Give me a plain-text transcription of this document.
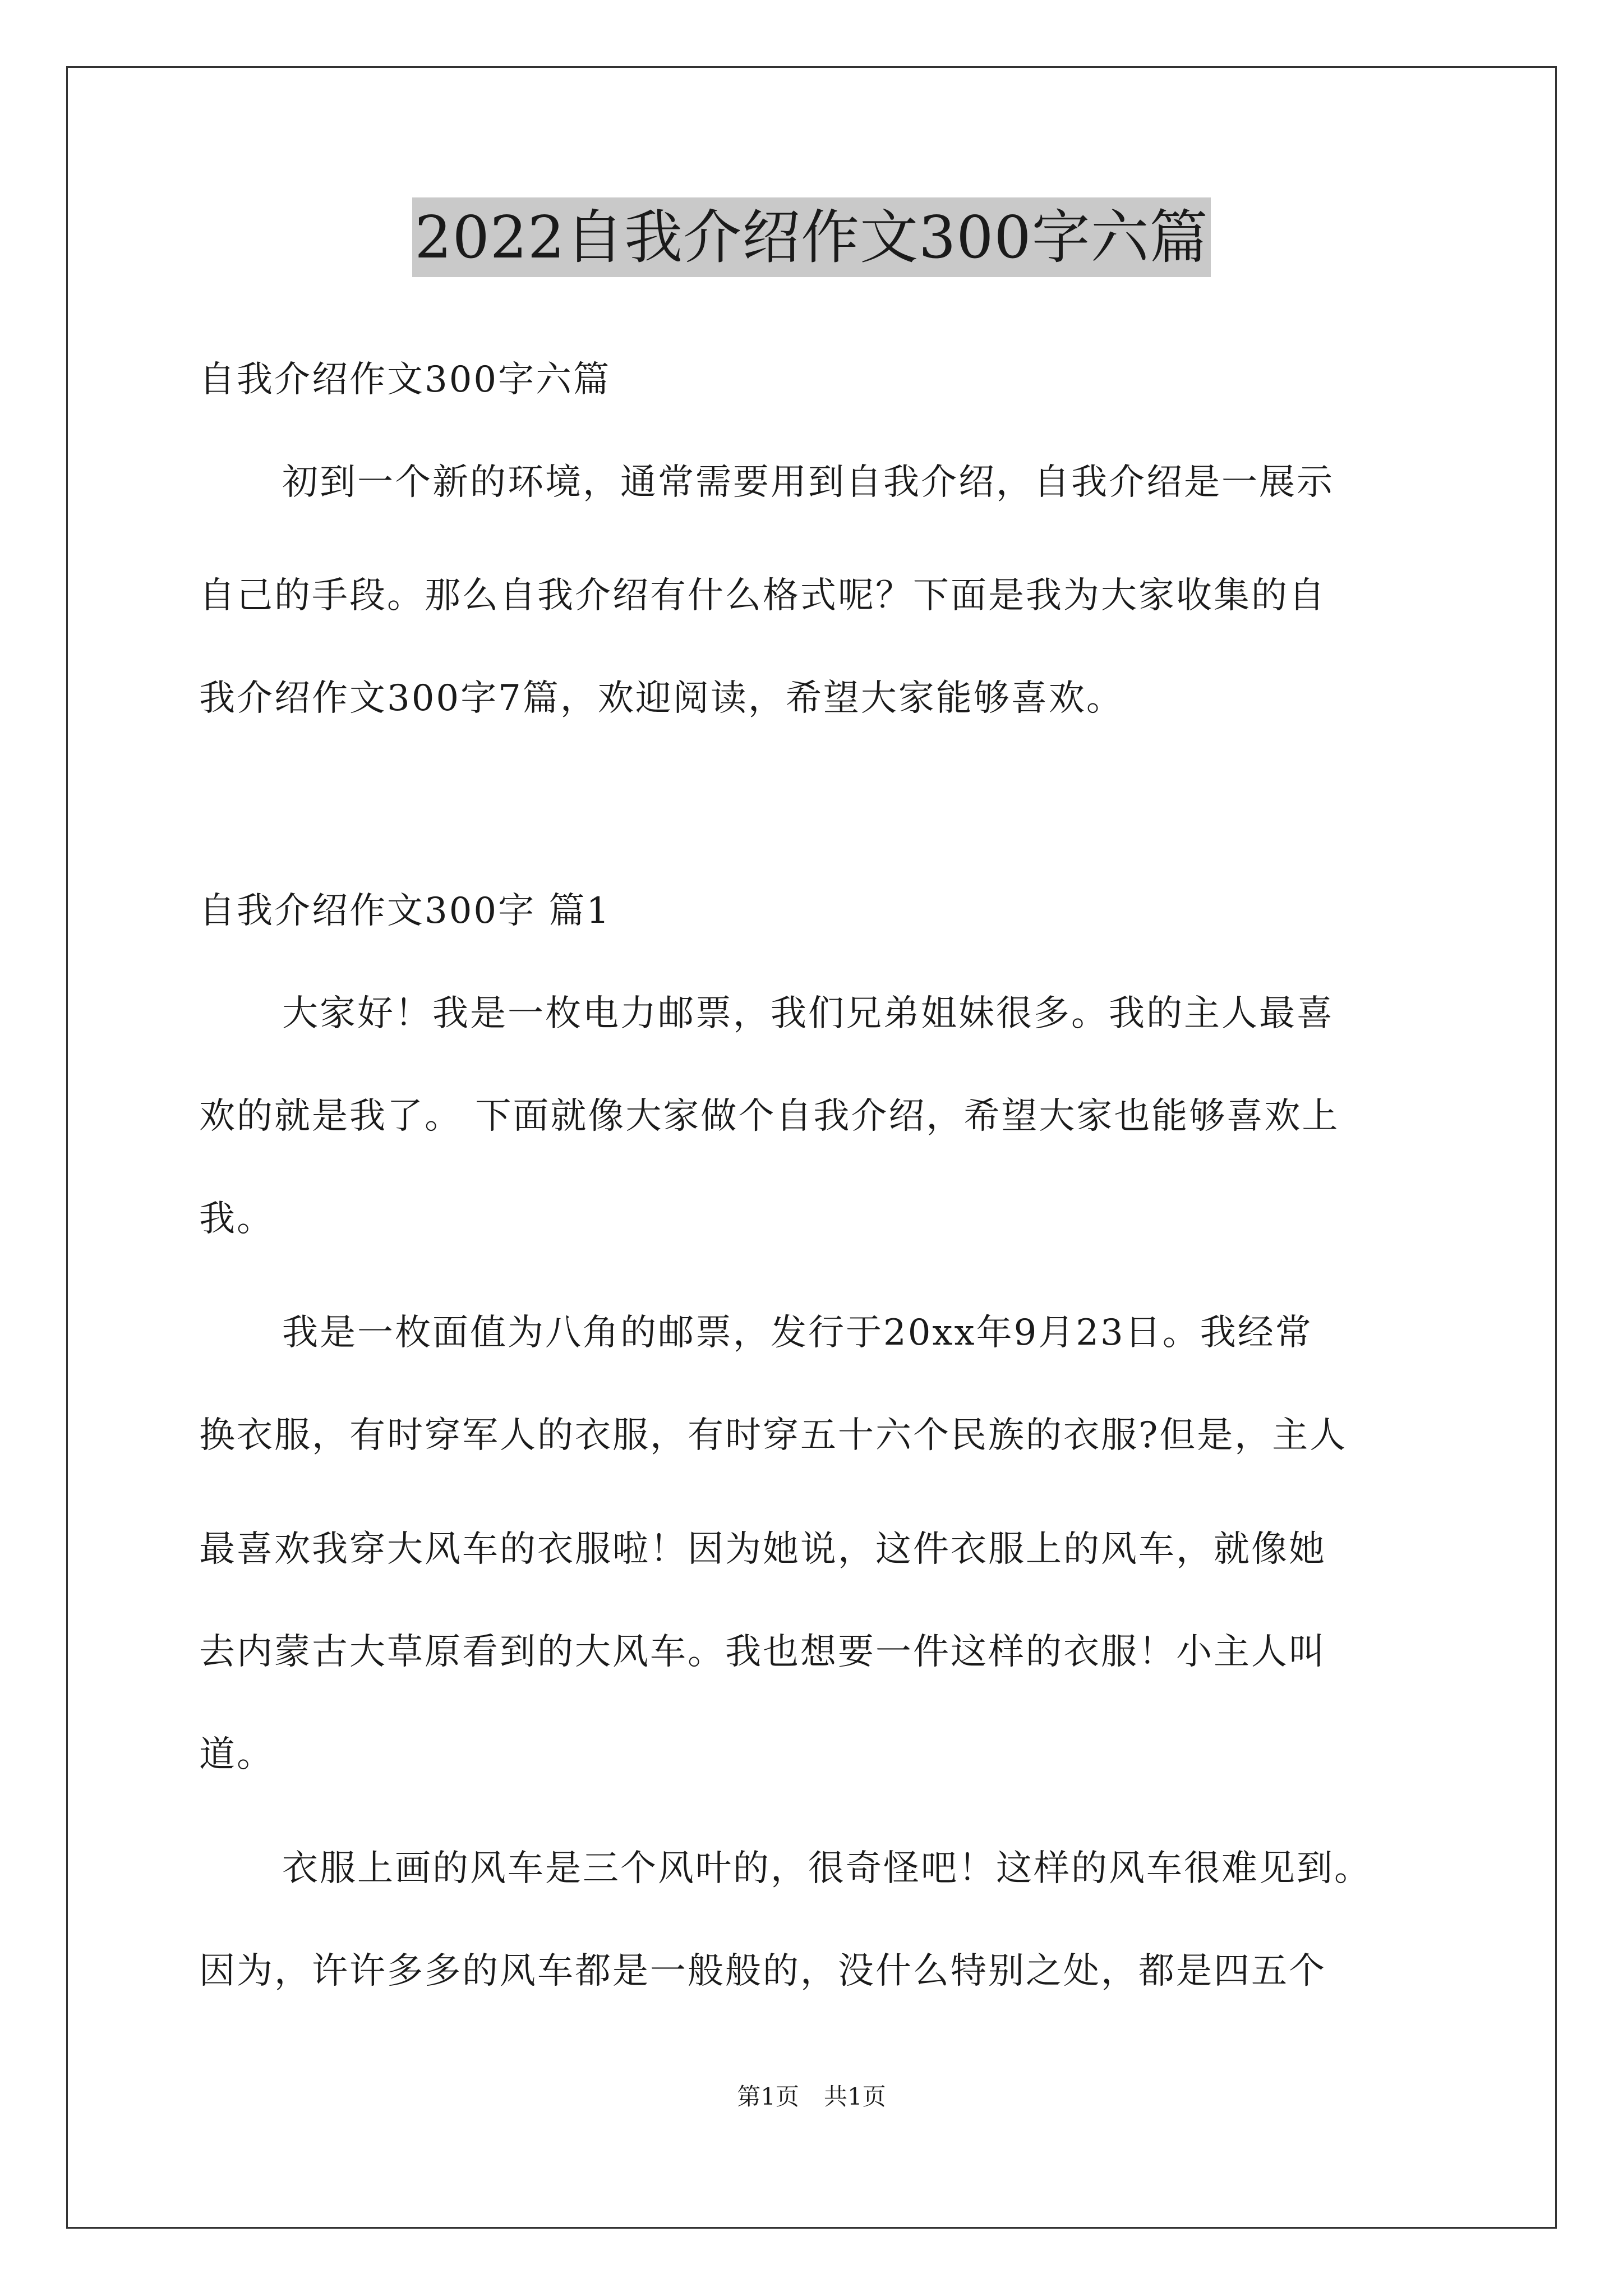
2022自我介绍作文300字六篇
自我介绍作文300字六篇
初到一个新的环境，通常需要用到自我介绍，自我介绍是一展示
自己的手段。那么自我介绍有什么格式呢？下面是我为大家收集的自
我介绍作文300字7篇，欢迎阅读，希望大家能够喜欢。
自我介绍作文300字 篇1
大家好！我是一枚电力邮票，我们兄弟姐妹很多。我的主人最喜
欢的就是我了。 下面就像大家做个自我介绍，希望大家也能够喜欢上
我。
我是一枚面值为八角的邮票，发行于20xx年9月23日。我经常
换衣服，有时穿军人的衣服，有时穿五十六个民族的衣服?但是，主人
最喜欢我穿大风车的衣服啦！因为她说，这件衣服上的风车，就像她
去内蒙古大草原看到的大风车。我也想要一件这样的衣服！小主人叫
道。
衣服上画的风车是三个风叶的，很奇怪吧！这样的风车很难见到。
因为，许许多多的风车都是一般般的，没什么特别之处，都是四五个
第1页 共1页
